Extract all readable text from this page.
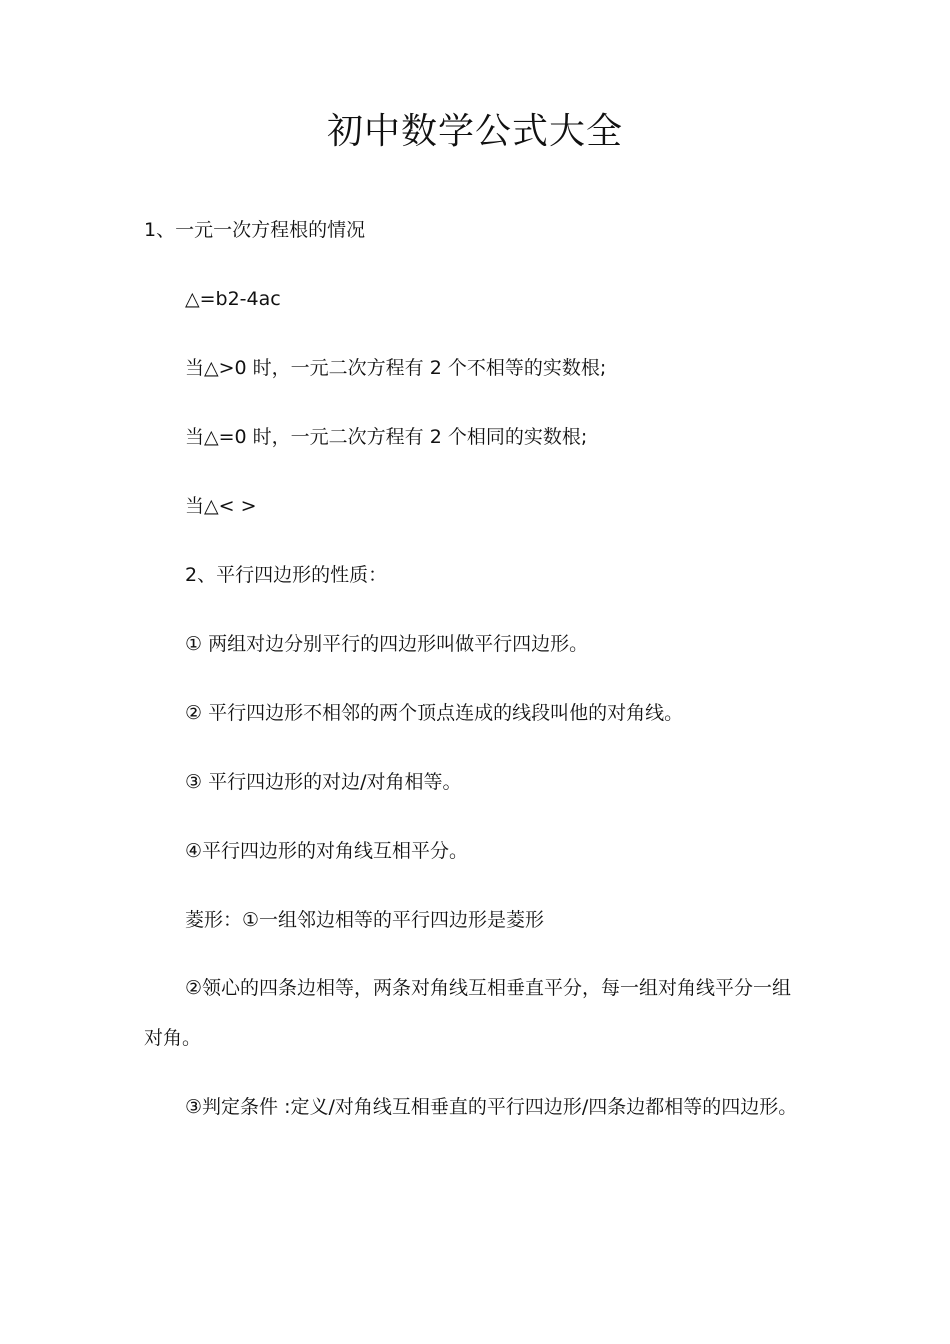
初中数学公式大全

1、一元一次方程根的情况

△=b2-4ac

当△>0 时，一元二次方程有 2 个不相等的实数根;

当△=0 时，一元二次方程有 2 个相同的实数根;

当△< >

2、平行四边形的性质：

① 两组对边分别平行的四边形叫做平行四边形。

② 平行四边形不相邻的两个顶点连成的线段叫他的对角线。

③ 平行四边形的对边/对角相等。

④平行四边形的对角线互相平分。

菱形：①一组邻边相等的平行四边形是菱形

②领心的四条边相等，两条对角线互相垂直平分，每一组对角线平分一组对角。

③判定条件 :定义/对角线互相垂直的平行四边形/四条边都相等的四边形。
